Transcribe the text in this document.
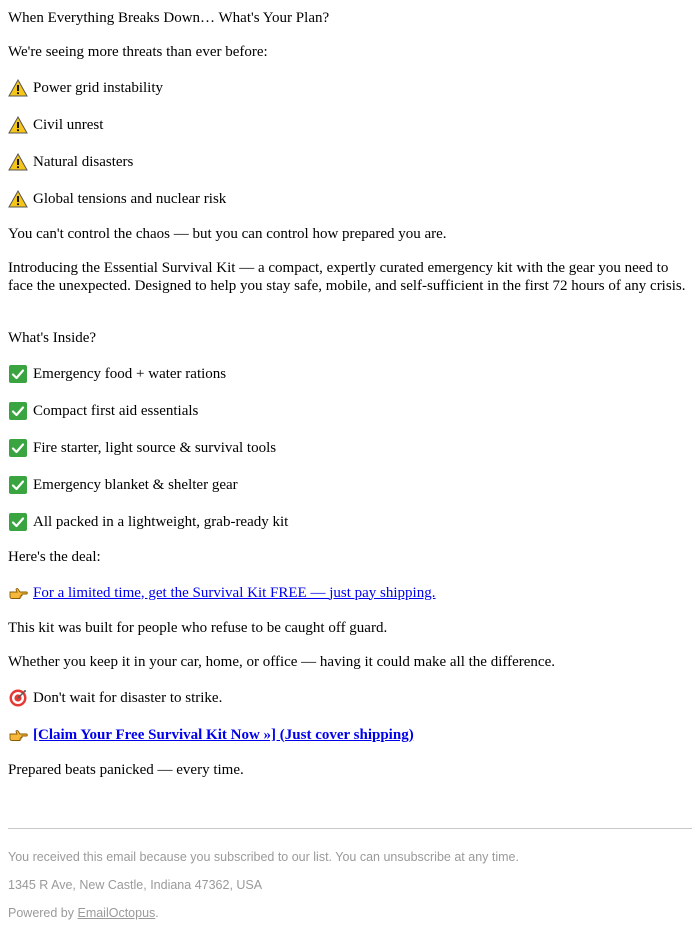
When Everything Breaks Down… What's Your Plan?

We're seeing more threats than ever before:

Power grid instability
Civil unrest
Natural disasters
Global tensions and nuclear risk

You can't control the chaos — but you can control how prepared you are.

Introducing the Essential Survival Kit — a compact, expertly curated emergency kit with the gear you need to face the unexpected. Designed to help you stay safe, mobile, and self-sufficient in the first 72 hours of any crisis.

What's Inside?

Emergency food + water rations
Compact first aid essentials
Fire starter, light source & survival tools
Emergency blanket & shelter gear
All packed in a lightweight, grab-ready kit

Here's the deal:

For a limited time, get the Survival Kit FREE — just pay shipping.

This kit was built for people who refuse to be caught off guard.

Whether you keep it in your car, home, or office — having it could make all the difference.

Don't wait for disaster to strike.
[Claim Your Free Survival Kit Now »] (Just cover shipping)

Prepared beats panicked — every time.

You received this email because you subscribed to our list. You can unsubscribe at any time.

1345 R Ave, New Castle, Indiana 47362, USA

Powered by EmailOctopus.
